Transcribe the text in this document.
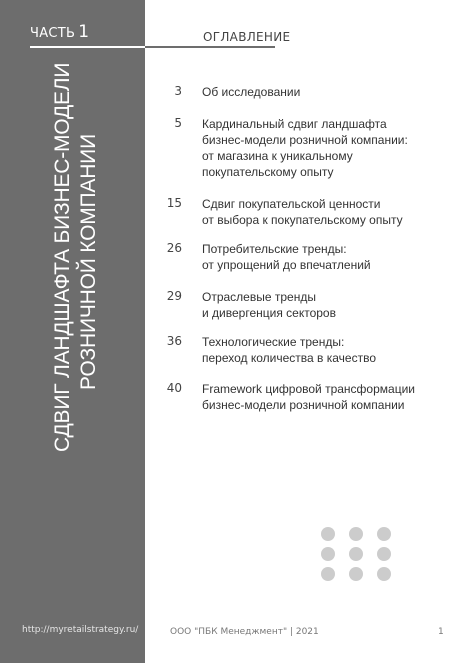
ЧАСТЬ 1
СДВИГ ЛАНДШАФТА БИЗНЕС-МОДЕЛИ РОЗНИЧНОЙ КОМПАНИИ
http://myretailstrategy.ru/
ОГЛАВЛЕНИЕ
3 Об исследовании
5 Кардинальный сдвиг ландшафта
бизнес-модели розничной компании:
от магазина к уникальному
покупательскому опыту
15 Сдвиг покупательской ценности
от выбора к покупательскому опыту
26 Потребительские тренды:
от упрощений до впечатлений
29 Отраслевые тренды
и дивергенция секторов
36 Технологические тренды:
переход количества в качество
40 Framework цифровой трансформации
бизнес-модели розничной компании
ООО "ПБК Менеджмент" | 2021	1
